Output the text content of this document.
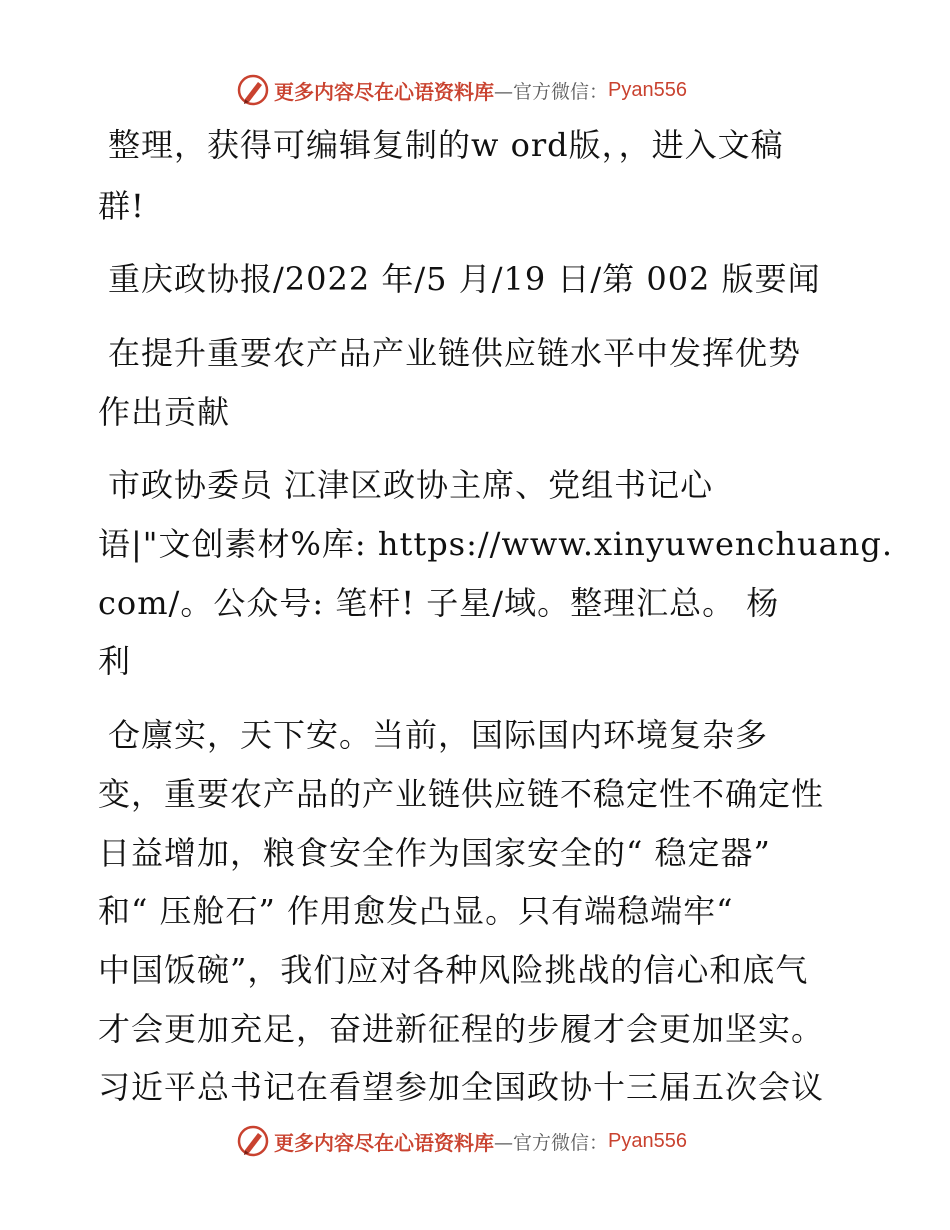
更多内容尽在心语资料库 —官方微信： Pyan556
整理，获得可编辑复制的w ord版，，进入文稿
群!
重庆政协报/2022 年/5 月/19 日/第 002 版要闻
在提升重要农产品产业链供应链水平中发挥优势
作出贡献
市政协委员 江津区政协主席、党组书记心
语|"文创素材%库: https://www.xinyuwenchuang.
com/。公众号: 笔杆! 子星/域。整理汇总。 杨
利
仓廪实，天下安。当前，国际国内环境复杂多
变，重要农产品的产业链供应链不稳定性不确定性
日益增加，粮食安全作为国家安全的“ 稳定器”
和“ 压舱石” 作用愈发凸显。只有端稳端牢“
中国饭碗”，我们应对各种风险挑战的信心和底气
才会更加充足，奋进新征程的步履才会更加坚实。
习近平总书记在看望参加全国政协十三届五次会议
更多内容尽在心语资料库 —官方微信： Pyan556
